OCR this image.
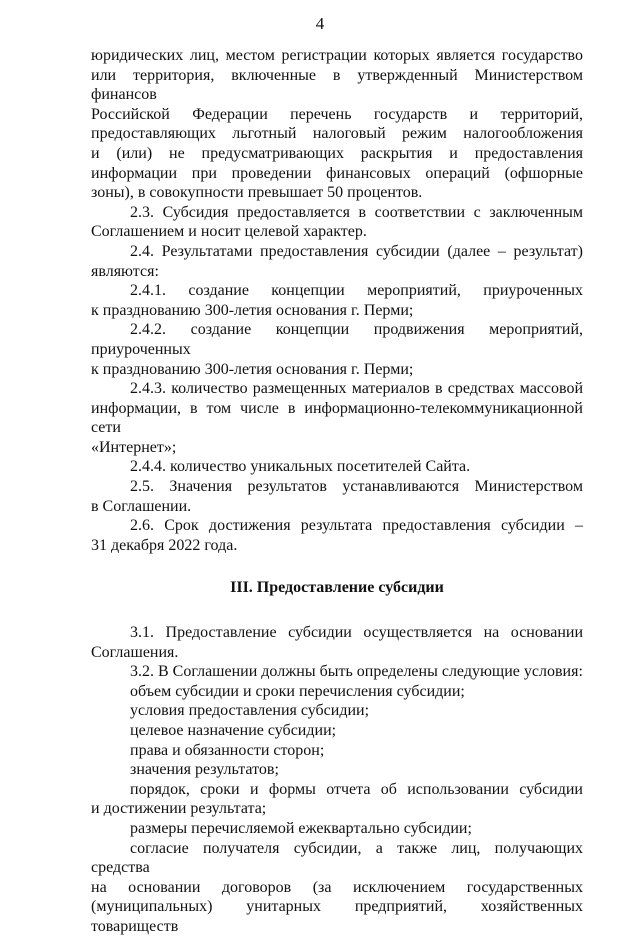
4

юридических лиц, местом регистрации которых является государство

или территория, включенные в утвержденный Министерством финансов

Российской Федерации перечень государств и территорий,

предоставляющих льготный налоговый режим налогообложения

и (или) не предусматривающих раскрытия и предоставления

информации при проведении финансовых операций (офшорные

зоны), в совокупности превышает 50 процентов.

2.3. Субсидия предоставляется в соответствии с заключенным

Соглашением и носит целевой характер.

2.4. Результатами предоставления субсидии (далее – результат)

являются:

2.4.1. создание концепции мероприятий, приуроченных

к празднованию 300-летия основания г. Перми;

2.4.2. создание концепции продвижения мероприятий, приуроченных

к празднованию 300-летия основания г. Перми;

2.4.3. количество размещенных материалов в средствах массовой

информации, в том числе в информационно-телекоммуникационной сети

«Интернет»;

2.4.4. количество уникальных посетителей Сайта.

2.5. Значения результатов устанавливаются Министерством

в Соглашении.

2.6. Срок достижения результата предоставления субсидии –

31 декабря 2022 года.

III. Предоставление субсидии

3.1. Предоставление субсидии осуществляется на основании

Соглашения.

3.2. В Соглашении должны быть определены следующие условия:

объем субсидии и сроки перечисления субсидии;

условия предоставления субсидии;

целевое назначение субсидии;

права и обязанности сторон;

значения результатов;

порядок, сроки и формы отчета об использовании субсидии

и достижении результата;

размеры перечисляемой ежеквартально субсидии;

согласие получателя субсидии, а также лиц, получающих средства

на основании договоров (за исключением государственных

(муниципальных) унитарных предприятий, хозяйственных товариществ
